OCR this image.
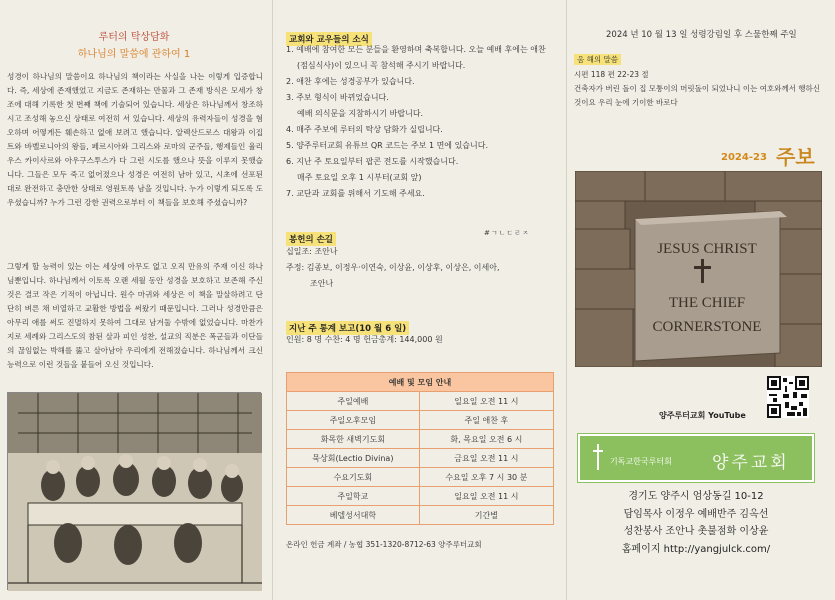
루터의 탁상담화
하나님의 말씀에 관하여 1
성경이 하나님의 말씀이요 하나님의 책이라는 사실을 나는 이렇게 입증합니다. 즉, 세상에 존재했었고 지금도 존재하는 만물과 그 존재 방식은 모세가 창조에 대해 기록한 첫 번째 책에 기술되어 있습니다. 세상은 하나님께서 창조하시고 조성해 놓으신 상태로 여전히 서 있습니다. 세상의 유력자들이 성경을 혐오하며 어떻게든 훼손하고 없애 보려고 했습니다. 알렉산드로스 대왕과 이집트와 바벨로니아의 왕들, 페르시아와 그리스와 로마의 군주들, 행제들인 율리우스 카이사르와 아우구스투스가 다 그런 시도를 했으나 뜻을 이루지 못했습니다. 그들은 모두 죽고 없어졌으나 성경은 여전히 남아 있고, 시초에 선포된 대로 완전하고 충만한 상태로 영원토록 남을 것입니다. 누가 이렇게 되도록 도우셨습니까? 누가 그런 강한 권력으로부터 이 책들을 보호해 주셨습니까?
그렇게 할 능력이 있는 이는 세상에 아무도 없고 오직 만유의 주재 이신 하나님뿐입니다. 하나님께서 이토록 오랜 세월 동안 성경을 보호하고 보존해 주신 것은 결코 작은 기적이 아닙니다. 원수 마귀와 세상은 이 책을 말살하려고 단단히 벼른 채 비열하고 교활한 방법을 써왔기 때문입니다. 그러나 성경만큼은 아무리 애를 써도 진멸하지 못하여 그대로 남겨둘 수밖에 없었습니다. 마찬가지로 세례와 그리스도의 참된 살과 피인 성찬, 설교의 직분은 폭군들과 이단들의 끊임없는 박해를 뚫고 살아남아 우리에게 전해졌습니다. 하나님께서 크신 능력으로 이런 것들을 붙들어 오신 것입니다.
교회와 교우들의 소식
1. 예배에 참여한 모든 분들을 환영하며 축복합니다. 오늘 예배 후에는 애찬(점심식사)이 있으니 꼭 참석해 주시기 바랍니다.
2. 애찬 후에는 성경공부가 있습니다.
3. 주보 형식이 바뀌었습니다.
예배 의식문을 지참하시기 바랍니다.
4. 매주 주보에 루터의 탁상 담화가 실립니다.
5. 양주루터교회 유튜브 QR 코드는 주보 1 면에 있습니다.
6. 지난 주 토요일부터 팝콘 전도를 시작했습니다.
매주 토요일 오후 1 시부터(교회 앞)
7. 교단과 교회를 위해서 기도해 주세요.
봉헌의 손길
#ㄱㄴㄷㄹㅈ
십일조: 조안나
주정: 김종보, 이정우·이연숙, 이상윤, 이상후, 이상은, 이세아,
조안나
지난 주 통계 보고(10 월 6 일)
인원: 8 명 수찬: 4 명 헌금총계: 144,000 원
예배 및 모임 안내	
주일예배	일요일 오전 11 시
주일오후모임	주일 애찬 후
화목한 새벽기도회	화, 목요일 오전 6 시
묵상회(Lectio Divina)	금요일 오전 11 시
수요기도회	수요일 오후 7 시 30 분
주일학교	일요일 오전 11 시
베델성서대학	기간별
온라인 헌금 계좌 / 농협 351-1320-8712-63 양주루터교회
2024 년 10 월 13 일 성령강림일 후 스물한째 주일
옴 해의 말씀
시편 118 편 22-23 절
건축자가 버린 돌이 집 모퉁이의 머릿돌이 되었나니 이는 여호와께서 행하신 것이요 우리 눈에 기이한 바로다
2024-23 주보
JESUS CHRIST
THE CHIEF
CORNERSTONE
양주루터교회 YouTube
기독교한국루터회 양주교회
경기도 양주시 엄상동길 10-12
담임목사 이정우 예배반주 김옥선
성찬봉사 조안나 촛불점화 이상윤
홈페이지 http://yangjulck.com/
